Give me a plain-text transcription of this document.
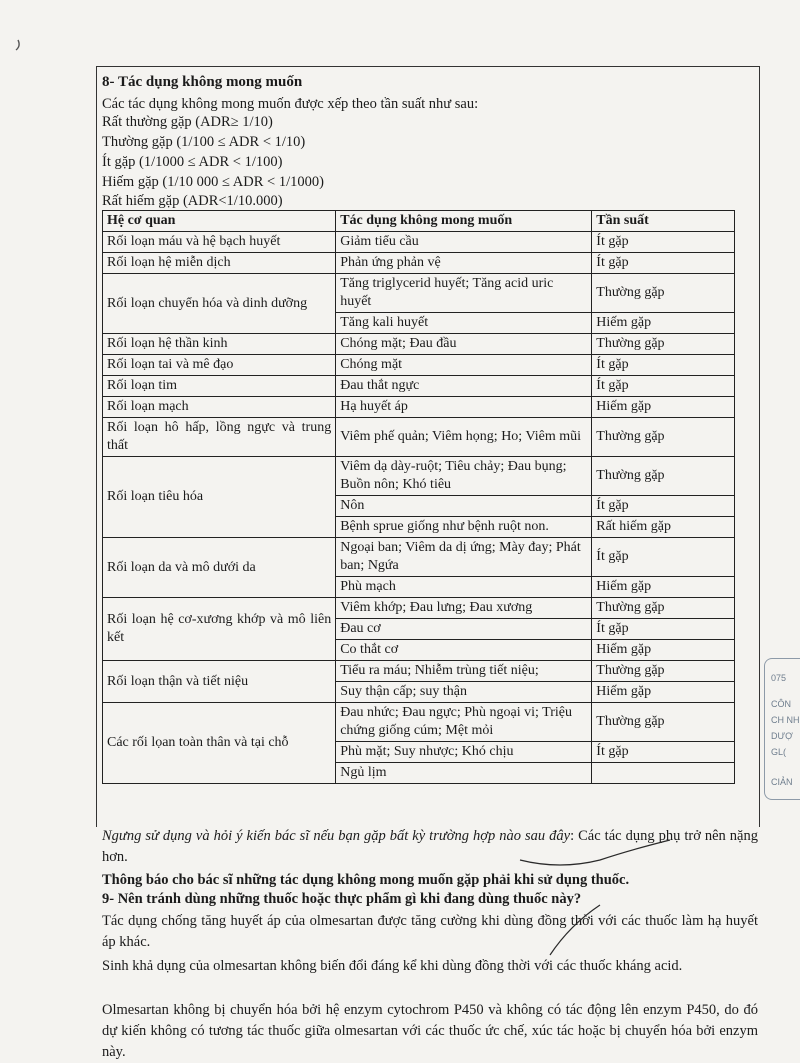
8- Tác dụng không mong muốn
Các tác dụng không mong muốn được xếp theo tần suất như sau:
Rất thường gặp (ADR≥ 1/10)
Thường gặp (1/100 ≤ ADR < 1/10)
Ít gặp (1/1000 ≤ ADR < 1/100)
Hiếm gặp (1/10 000 ≤ ADR < 1/1000)
Rất hiếm gặp (ADR<1/10.000)
Hệ cơ quan	Tác dụng không mong muốn	Tần suất
Rối loạn máu và hệ bạch huyết	Giảm tiểu cầu	Ít gặp
Rối loạn hệ miễn dịch	Phản ứng phản vệ	Ít gặp
Rối loạn chuyển hóa và dinh dưỡng	Tăng triglycerid huyết; Tăng acid uric huyết	Thường gặp
	Tăng kali huyết	Hiếm gặp
Rối loạn hệ thần kinh	Chóng mặt; Đau đầu	Thường gặp
Rối loạn tai và mê đạo	Chóng mặt	Ít gặp
Rối loạn tim	Đau thắt ngực	Ít gặp
Rối loạn mạch	Hạ huyết áp	Hiếm gặp
Rối loạn hô hấp, lồng ngực và trung thất	Viêm phế quản; Viêm họng; Ho; Viêm mũi	Thường gặp
Rối loạn tiêu hóa	Viêm dạ dày-ruột; Tiêu chảy; Đau bụng; Buồn nôn; Khó tiêu	Thường gặp
	Nôn	Ít gặp
	Bệnh sprue giống như bệnh ruột non.	Rất hiếm gặp
Rối loạn da và mô dưới da	Ngoại ban; Viêm da dị ứng; Mày đay; Phát ban; Ngứa	Ít gặp
	Phù mạch	Hiếm gặp
Rối loạn hệ cơ-xương khớp và mô liên kết	Viêm khớp; Đau lưng; Đau xương	Thường gặp
	Đau cơ	Ít gặp
	Co thắt cơ	Hiếm gặp
Rối loạn thận và tiết niệu	Tiểu ra máu; Nhiễm trùng tiết niệu;	Thường gặp
	Suy thận cấp; suy thận	Hiếm gặp
Các rối lọan toàn thân và tại chỗ	Đau nhức; Đau ngực; Phù ngoại vi; Triệu chứng giống cúm; Mệt mỏi	Thường gặp
	Phù mặt; Suy nhược; Khó chịu	Ít gặp
	Ngủ lịm	
Ngưng sử dụng và hỏi ý kiến bác sĩ nếu bạn gặp bất kỳ trường hợp nào sau đây: Các tác dụng phụ trở nên nặng hơn.
Thông báo cho bác sĩ những tác dụng không mong muốn gặp phải khi sử dụng thuốc.
9- Nên tránh dùng những thuốc hoặc thực phẩm gì khi đang dùng thuốc này?
Tác dụng chống tăng huyết áp của olmesartan được tăng cường khi dùng đồng thời với các thuốc làm hạ huyết áp khác.
Sinh khả dụng của olmesartan không biến đổi đáng kể khi dùng đồng thời với các thuốc kháng acid.
Olmesartan không bị chuyển hóa bởi hệ enzym cytochrom P450 và không có tác động lên enzym P450, do đó dự kiến không có tương tác thuốc giữa olmesartan với các thuốc ức chế, xúc tác hoặc bị chuyển hóa bởi enzym này.
075
CÔN
CH NH
DƯỢ
GL(
CIẢN
